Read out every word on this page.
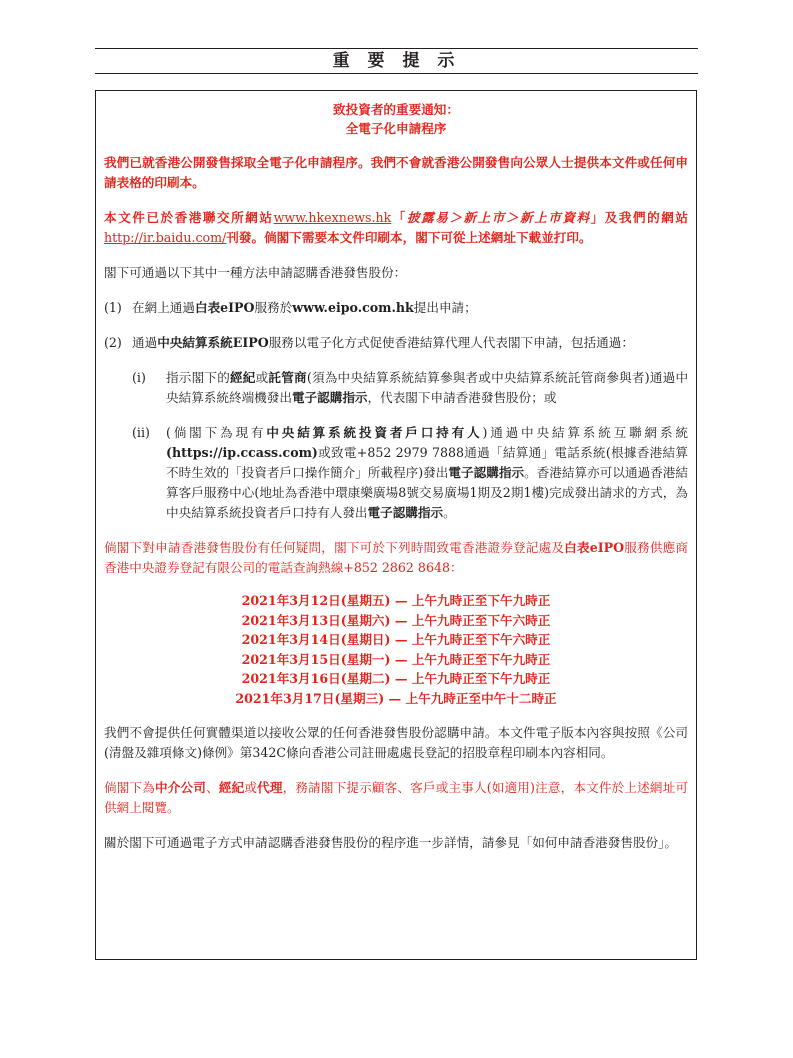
重 要 提 示
致投資者的重要通知：
全電子化申請程序

我們已就香港公開發售採取全電子化申請程序。我們不會就香港公開發售向公眾人士提供本文件或任何申請表格的印刷本。

本文件已於香港聯交所網站www.hkexnews.hk「披露易＞新上市＞新上市資料」及我們的網站http://ir.baidu.com/刊發。倘閣下需要本文件印刷本，閣下可從上述網址下載並打印。

閣下可通過以下其中一種方法申請認購香港發售股份：

(1) 在網上通過白表eIPO服務於www.eipo.com.hk提出申請；
(2) 通過中央結算系統EIPO服務以電子化方式促使香港結算代理人代表閣下申請，包括通過：
(i)	指示閣下的經紀或託管商(須為中央結算系統結算參與者或中央結算系統託管商參與者)通過中央結算系統終端機發出電子認購指示，代表閣下申請香港發售股份；或
(ii)	(倘閣下為現有中央結算系統投資者戶口持有人)通過中央結算系統互聯網系統(https://ip.ccass.com)或致電+852 2979 7888通過「結算通」電話系統(根據香港結算不時生效的「投資者戶口操作簡介」所載程序)發出電子認購指示。香港結算亦可以通過香港結算客戶服務中心(地址為香港中環康樂廣場8號交易廣場1期及2期1樓)完成發出請求的方式，為中央結算系統投資者戶口持有人發出電子認購指示。

倘閣下對申請香港發售股份有任何疑問，閣下可於下列時間致電香港證券登記處及白表eIPO服務供應商香港中央證券登記有限公司的電話查詢熱線+852 2862 8648：

2021年3月12日(星期五) — 上午九時正至下午九時正
2021年3月13日(星期六) — 上午九時正至下午六時正
2021年3月14日(星期日) — 上午九時正至下午六時正
2021年3月15日(星期一) — 上午九時正至下午九時正
2021年3月16日(星期二) — 上午九時正至下午九時正
2021年3月17日(星期三) — 上午九時正至中午十二時正

我們不會提供任何實體渠道以接收公眾的任何香港發售股份認購申請。本文件電子版本內容與按照《公司(清盤及雜項條文)條例》第342C條向香港公司註冊處處長登記的招股章程印刷本內容相同。

倘閣下為中介公司、經紀或代理，務請閣下提示顧客、客戶或主事人(如適用)注意，本文件於上述網址可供網上閱覽。

關於閣下可通過電子方式申請認購香港發售股份的程序進一步詳情，請參見「如何申請香港發售股份」。
